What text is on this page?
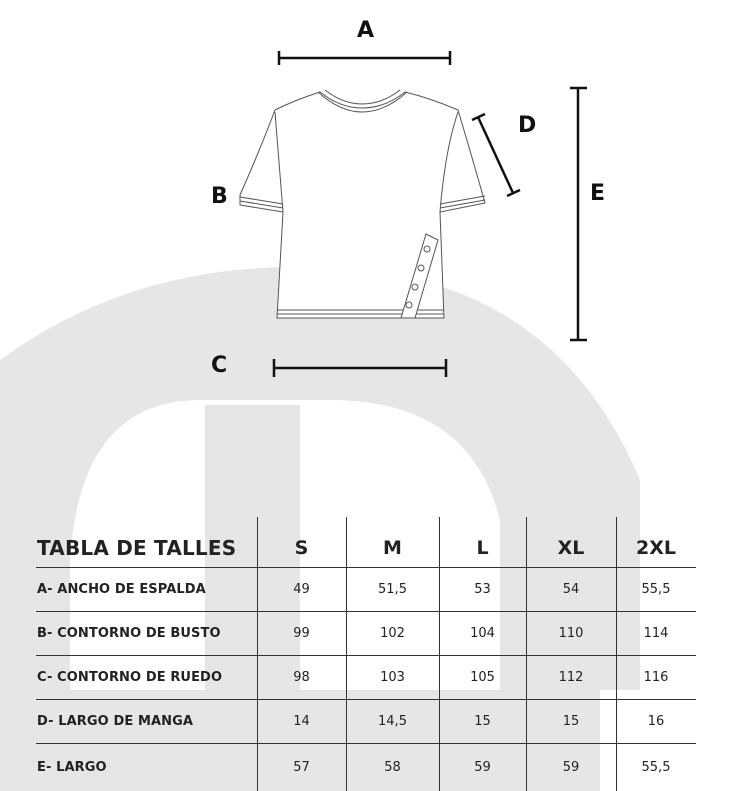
A
B
C
D
E
TABLA DE TALLES	S	M	L	XL	2XL
A- ANCHO DE ESPALDA	49	51,5	53	54	55,5
B- CONTORNO DE BUSTO	99	102	104	110	114
C- CONTORNO DE RUEDO	98	103	105	112	116
D- LARGO DE MANGA	14	14,5	15	15	16
E- LARGO	57	58	59	59	55,5
